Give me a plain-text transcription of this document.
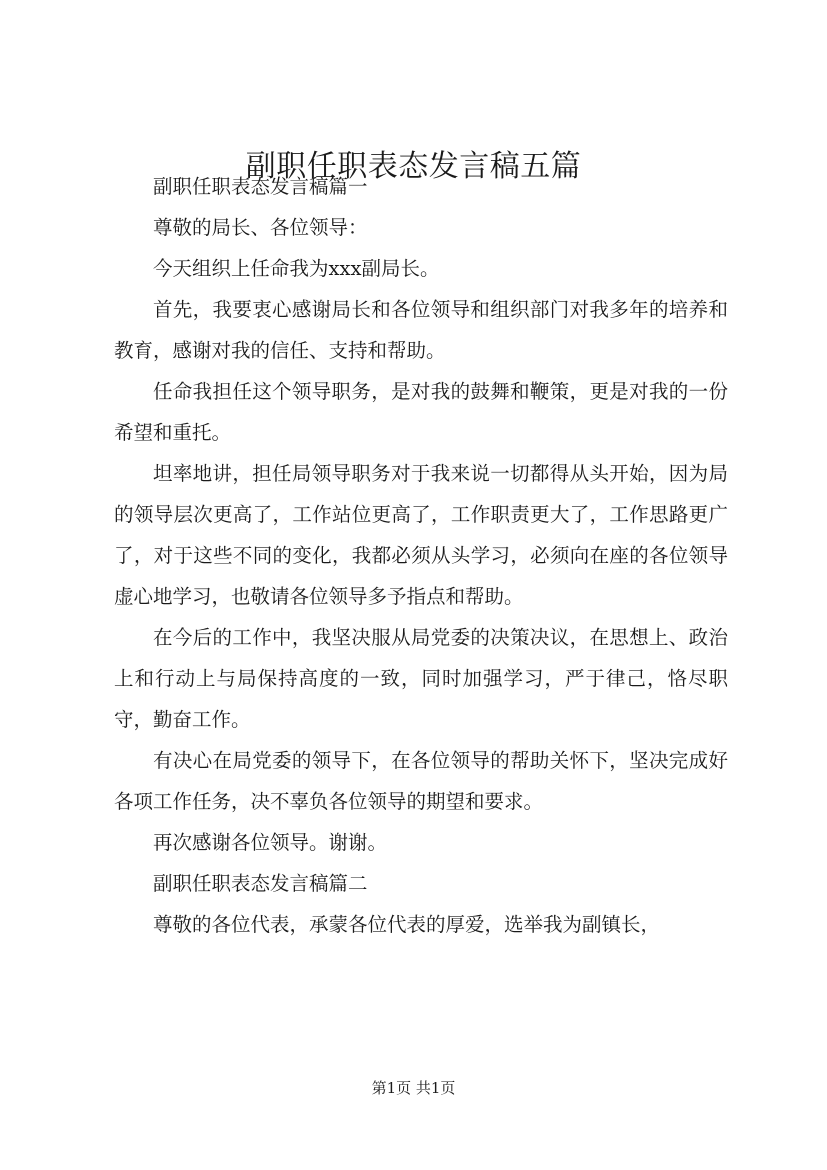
副职任职表态发言稿五篇

副职任职表态发言稿篇一

尊敬的局长、各位领导：

今天组织上任命我为xxx副局长。

首先，我要衷心感谢局长和各位领导和组织部门对我多年的培养和教育，感谢对我的信任、支持和帮助。

任命我担任这个领导职务，是对我的鼓舞和鞭策，更是对我的一份希望和重托。

坦率地讲，担任局领导职务对于我来说一切都得从头开始，因为局的领导层次更高了，工作站位更高了，工作职责更大了，工作思路更广了，对于这些不同的变化，我都必须从头学习，必须向在座的各位领导虚心地学习，也敬请各位领导多予指点和帮助。

在今后的工作中，我坚决服从局党委的决策决议，在思想上、政治上和行动上与局保持高度的一致，同时加强学习，严于律己，恪尽职守，勤奋工作。

有决心在局党委的领导下，在各位领导的帮助关怀下，坚决完成好各项工作任务，决不辜负各位领导的期望和要求。

再次感谢各位领导。谢谢。

副职任职表态发言稿篇二

尊敬的各位代表，承蒙各位代表的厚爱，选举我为副镇长，

第1页 共1页
